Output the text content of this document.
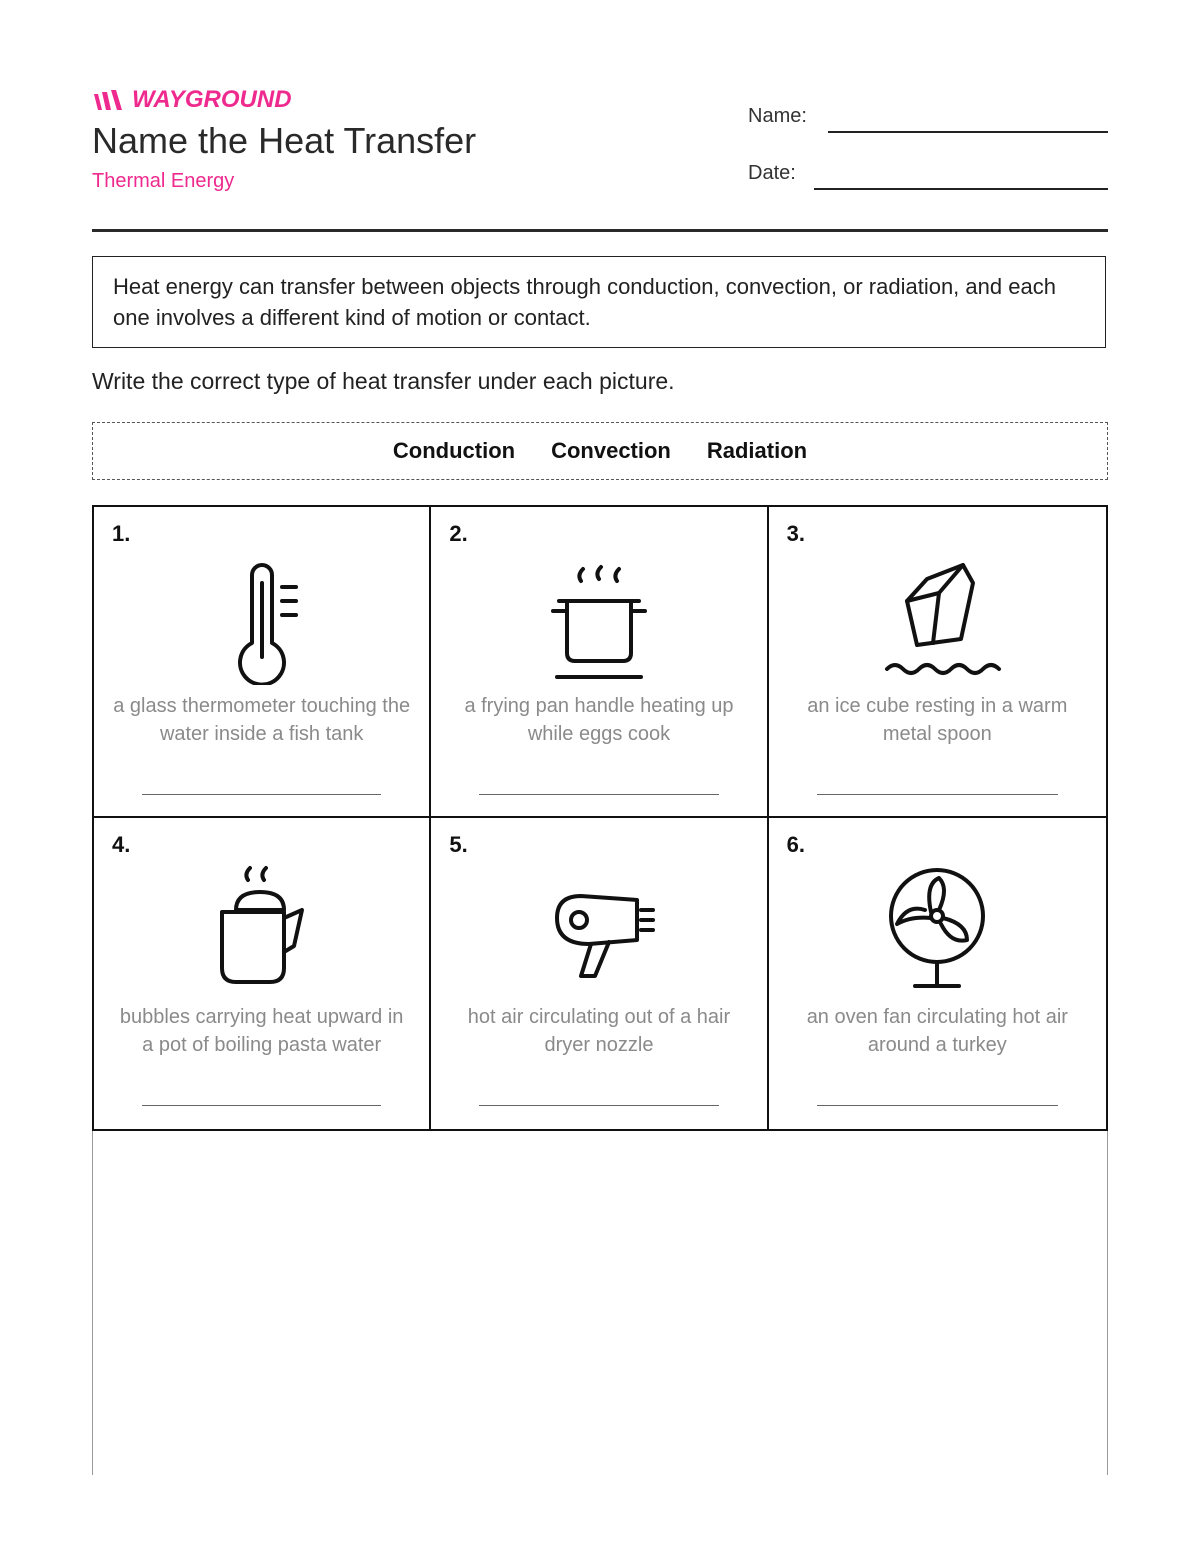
WAYGROUND
Name the Heat Transfer
Thermal Energy
Name:
Date:
Heat energy can transfer between objects through conduction, convection, or radiation, and each one involves a different kind of motion or contact.
Write the correct type of heat transfer under each picture.
Conduction Convection Radiation
1.
a glass thermometer touching the water inside a fish tank
2.
a frying pan handle heating up while eggs cook
3.
an ice cube resting in a warm metal spoon
4.
bubbles carrying heat upward in a pot of boiling pasta water
5.
hot air circulating out of a hair dryer nozzle
6.
an oven fan circulating hot air around a turkey
